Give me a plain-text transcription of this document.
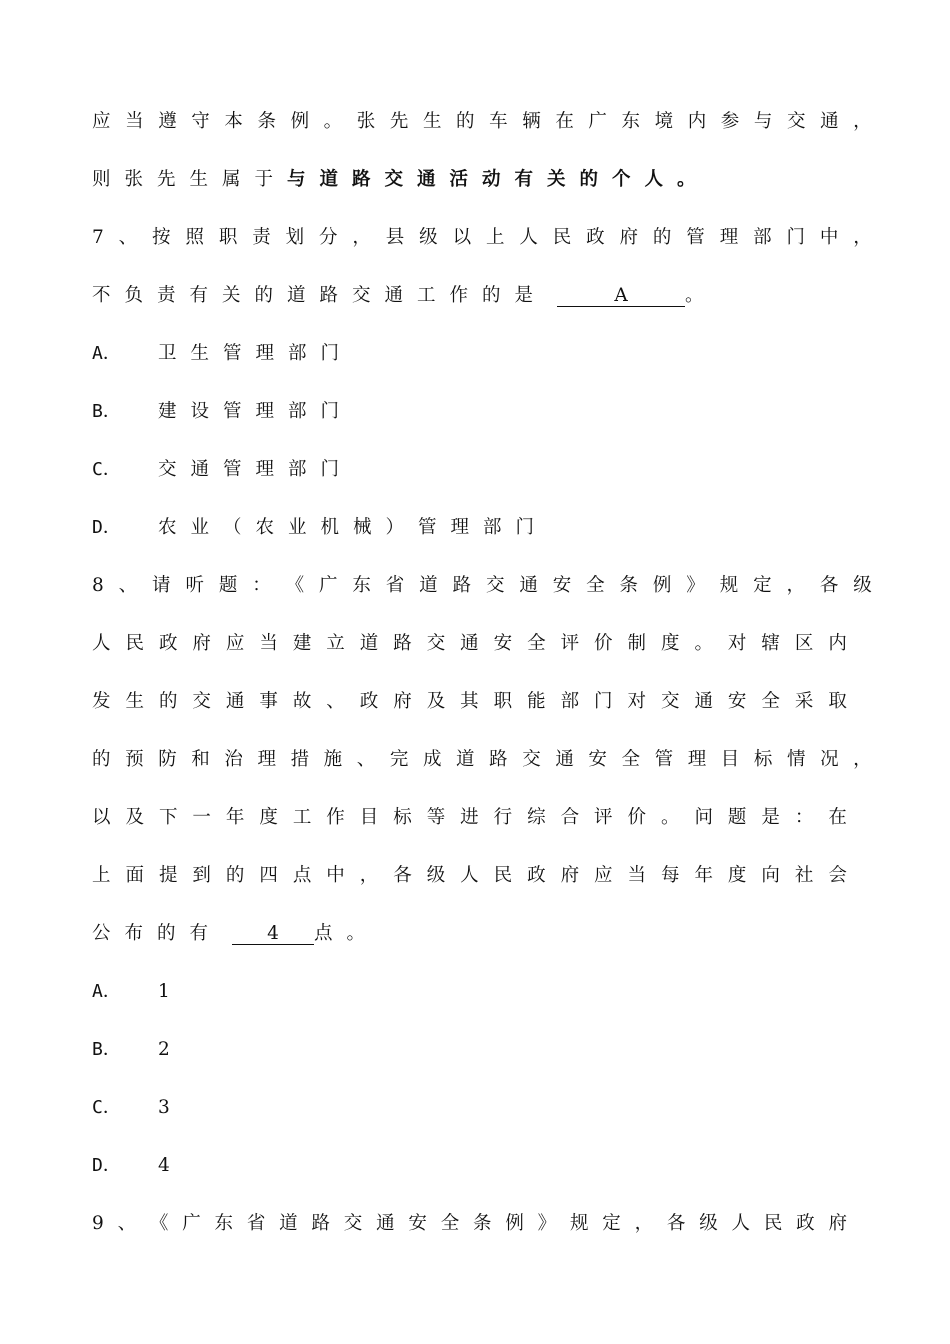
应 当 遵 守 本 条 例 。 张 先 生 的 车 辆 在 广 东 境 内 参 与 交 通 ，
则 张 先 生 属 于 与 道 路 交 通 活 动 有 关 的 个 人 。
7 、 按 照 职 责 划 分 ， 县 级 以 上 人 民 政 府 的 管 理 部 门 中 ，
不 负 责 有 关 的 道 路 交 通 工 作 的 是	A	。
A． 卫 生 管 理 部 门
B． 建 设 管 理 部 门
C． 交 通 管 理 部 门
D． 农 业 （ 农 业 机 械 ） 管 理 部 门
8 、 请 听 题 ： 《 广 东 省 道 路 交 通 安 全 条 例 》 规 定 ， 各 级
人 民 政 府 应 当 建 立 道 路 交 通 安 全 评 价 制 度 。 对 辖 区 内
发 生 的 交 通 事 故 、 政 府 及 其 职 能 部 门 对 交 通 安 全 采 取
的 预 防 和 治 理 措 施 、 完 成 道 路 交 通 安 全 管 理 目 标 情 况 ，
以 及 下 一 年 度 工 作 目 标 等 进 行 综 合 评 价 。 问 题 是 ： 在
上 面 提 到 的 四 点 中 ， 各 级 人 民 政 府 应 当 每 年 度 向 社 会
公 布 的 有	4 点 。
A． 1
B． 2
C． 3
D． 4
9 、 《 广 东 省 道 路 交 通 安 全 条 例 》 规 定 ， 各 级 人 民 政 府
